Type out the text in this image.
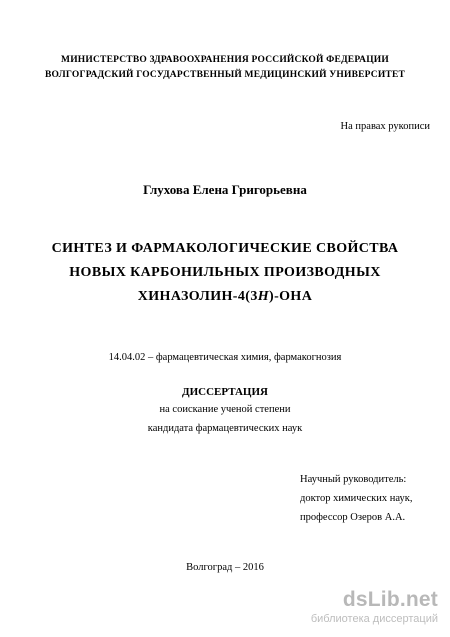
МИНИСТЕРСТВО ЗДРАВООХРАНЕНИЯ РОССИЙСКОЙ ФЕДЕРАЦИИ
ВОЛГОГРАДСКИЙ ГОСУДАРСТВЕННЫЙ МЕДИЦИНСКИЙ УНИВЕРСИТЕТ
На правах рукописи
Глухова Елена Григорьевна
СИНТЕЗ И ФАРМАКОЛОГИЧЕСКИЕ СВОЙСТВА
НОВЫХ КАРБОНИЛЬНЫХ ПРОИЗВОДНЫХ
ХИНАЗОЛИН-4(3H)-ОНА
14.04.02 – фармацевтическая химия, фармакогнозия
ДИССЕРТАЦИЯ
на соискание ученой степени
кандидата фармацевтических наук
Научный руководитель:
доктор химических наук,
профессор Озеров А.А.
Волгоград – 2016
dsLib.net
библиотека диссертаций
